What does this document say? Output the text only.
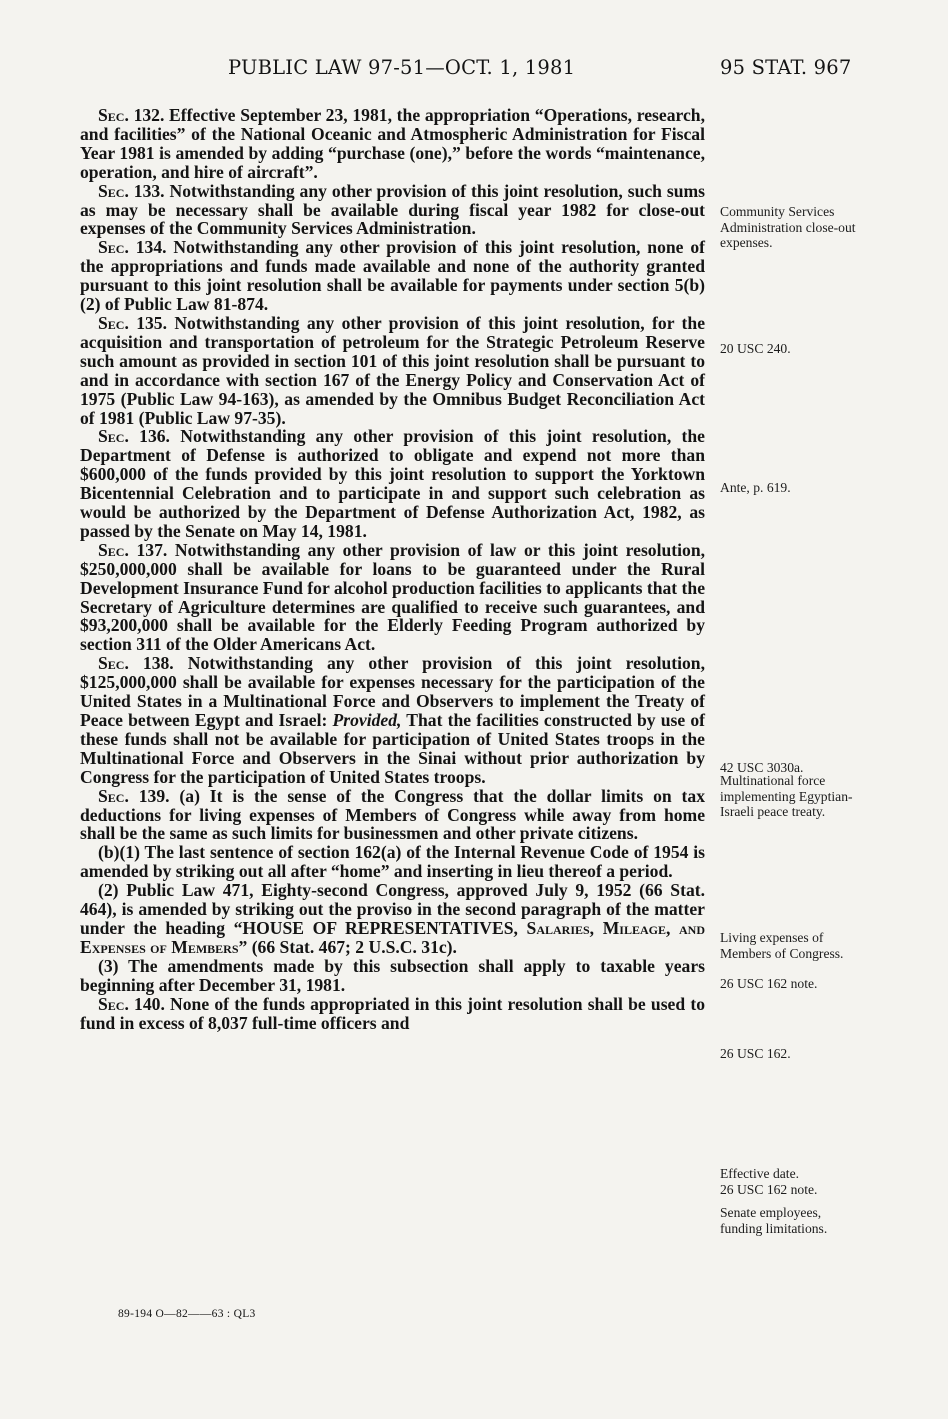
PUBLIC LAW 97-51—OCT. 1, 1981	95 STAT. 967

Sec. 132. Effective September 23, 1981, the appropriation “Operations, research, and facilities” of the National Oceanic and Atmospheric Administration for Fiscal Year 1981 is amended by adding “purchase (one),” before the words “maintenance, operation, and hire of aircraft”.

Sec. 133. Notwithstanding any other provision of this joint resolution, such sums as may be necessary shall be available during fiscal year 1982 for close-out expenses of the Community Services Administration.

Sec. 134. Notwithstanding any other provision of this joint resolution, none of the appropriations and funds made available and none of the authority granted pursuant to this joint resolution shall be available for payments under section 5(b)(2) of Public Law 81-874.

Sec. 135. Notwithstanding any other provision of this joint resolution, for the acquisition and transportation of petroleum for the Strategic Petroleum Reserve such amount as provided in section 101 of this joint resolution shall be pursuant to and in accordance with section 167 of the Energy Policy and Conservation Act of 1975 (Public Law 94-163), as amended by the Omnibus Budget Reconciliation Act of 1981 (Public Law 97-35).

Sec. 136. Notwithstanding any other provision of this joint resolution, the Department of Defense is authorized to obligate and expend not more than $600,000 of the funds provided by this joint resolution to support the Yorktown Bicentennial Celebration and to participate in and support such celebration as would be authorized by the Department of Defense Authorization Act, 1982, as passed by the Senate on May 14, 1981.

Sec. 137. Notwithstanding any other provision of law or this joint resolution, $250,000,000 shall be available for loans to be guaranteed under the Rural Development Insurance Fund for alcohol production facilities to applicants that the Secretary of Agriculture determines are qualified to receive such guarantees, and $93,200,000 shall be available for the Elderly Feeding Program authorized by section 311 of the Older Americans Act.

Sec. 138. Notwithstanding any other provision of this joint resolution, $125,000,000 shall be available for expenses necessary for the participation of the United States in a Multinational Force and Observers to implement the Treaty of Peace between Egypt and Israel: Provided, That the facilities constructed by use of these funds shall not be available for participation of United States troops in the Multinational Force and Observers in the Sinai without prior authorization by Congress for the participation of United States troops.

Sec. 139. (a) It is the sense of the Congress that the dollar limits on tax deductions for living expenses of Members of Congress while away from home shall be the same as such limits for businessmen and other private citizens.

(b)(1) The last sentence of section 162(a) of the Internal Revenue Code of 1954 is amended by striking out all after “home” and inserting in lieu thereof a period.

(2) Public Law 471, Eighty-second Congress, approved July 9, 1952 (66 Stat. 464), is amended by striking out the proviso in the second paragraph of the matter under the heading “HOUSE OF REPRESENTATIVES, Salaries, Mileage, and Expenses of Members” (66 Stat. 467; 2 U.S.C. 31c).

(3) The amendments made by this subsection shall apply to taxable years beginning after December 31, 1981.

Sec. 140. None of the funds appropriated in this joint resolution shall be used to fund in excess of 8,037 full-time officers and

Community Services Administration close-out expenses.
20 USC 240.
Ante, p. 619.
42 USC 3030a.
Multinational force implementing Egyptian-Israeli peace treaty.
Living expenses of Members of Congress.
26 USC 162 note.
26 USC 162.
Effective date.
26 USC 162 note.
Senate employees, funding limitations.
89-194 O—82——63 : QL3
